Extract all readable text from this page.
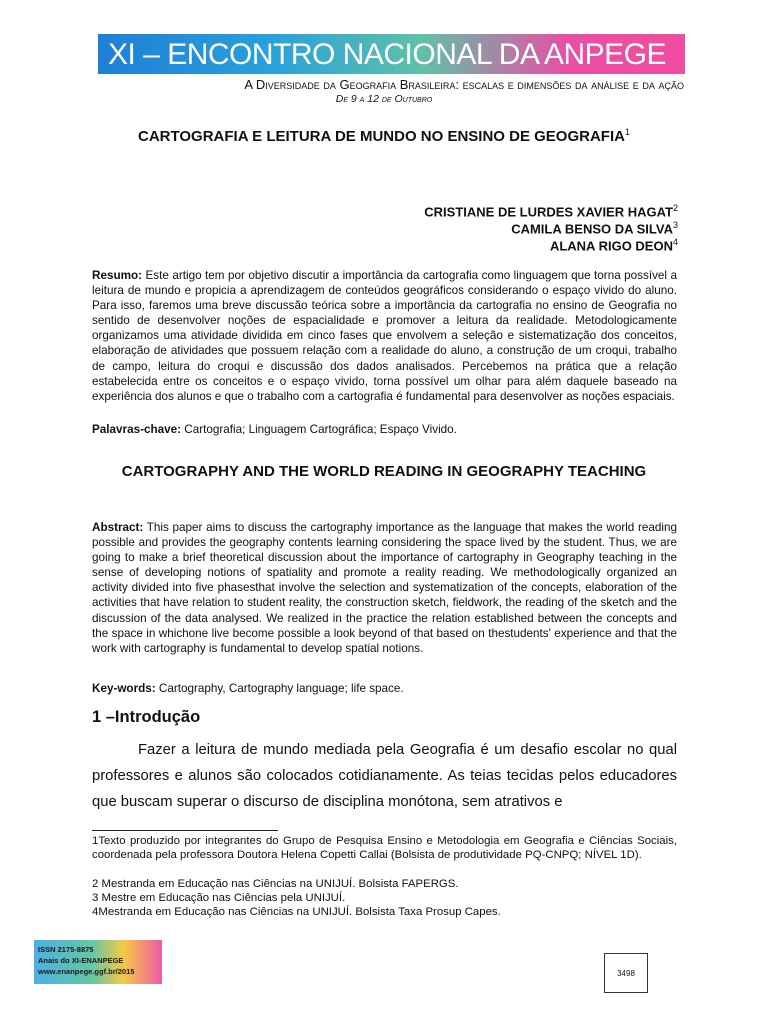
XI – ENCONTRO NACIONAL DA ANPEGE
A Diversidade da Geografia Brasileira: escalas e dimensões da análise e da ação
De 9 a 12 de Outubro
CARTOGRAFIA E LEITURA DE MUNDO NO ENSINO DE GEOGRAFIA$^1$
CRISTIANE DE LURDES XAVIER HAGAT$^2$
CAMILA BENSO DA SILVA$^3$
ALANA RIGO DEON$^4$
Resumo: Este artigo tem por objetivo discutir a importância da cartografia como linguagem que torna possível a leitura de mundo e propicia a aprendizagem de conteúdos geográficos considerando o espaço vivido do aluno. Para isso, faremos uma breve discussão teórica sobre a importância da cartografia no ensino de Geografia no sentido de desenvolver noções de espacialidade e promover a leitura da realidade. Metodologicamente organizamos uma atividade dividida em cinco fases que envolvem a seleção e sistematização dos conceitos, elaboração de atividades que possuem relação com a realidade do aluno, a construção de um croqui, trabalho de campo, leitura do croqui e discussão dos dados analisados. Percebemos na prática que a relação estabelecida entre os conceitos e o espaço vivido, torna possível um olhar para além daquele baseado na experiência dos alunos e que o trabalho com a cartografia é fundamental para desenvolver as noções espaciais.
Palavras-chave: Cartografia; Linguagem Cartográfica; Espaço Vivido.
CARTOGRAPHY AND THE WORLD READING IN GEOGRAPHY TEACHING
Abstract: This paper aims to discuss the cartography importance as the language that makes the world reading possible and provides the geography contents learning considering the space lived by the student. Thus, we are going to make a brief theoretical discussion about the importance of cartography in Geography teaching in the sense of developing notions of spatiality and promote a reality reading. We methodologically organized an activity divided into five phasesthat involve the selection and systematization of the concepts, elaboration of the activities that have relation to student reality, the construction sketch, fieldwork, the reading of the sketch and the discussion of the data analysed. We realized in the practice the relation established between the concepts and the space in whichone live become possible a look beyond of that based on thestudents' experience and that the work with cartography is fundamental to develop spatial notions.
Key-words: Cartography, Cartography language; life space.
1 –Introdução
Fazer a leitura de mundo mediada pela Geografia é um desafio escolar no qual professores e alunos são colocados cotidianamente. As teias tecidas pelos educadores que buscam superar o discurso de disciplina monótona, sem atrativos e
1Texto produzido por integrantes do Grupo de Pesquisa Ensino e Metodologia em Geografia e Ciências Sociais, coordenada pela professora Doutora Helena Copetti Callai (Bolsista de produtividade PQ-CNPQ; NÍVEL 1D).
2 Mestranda em Educação nas Ciências na UNIJUÍ. Bolsista FAPERGS.
3 Mestre em Educação nas Ciências pela UNIJUÍ.
4Mestranda em Educação nas Ciências na UNIJUÍ. Bolsista Taxa Prosup Capes.
ISSN 2175-8875
Anais do XI-ENANPEGE
www.enanpege.ggf.br/2015	3498
